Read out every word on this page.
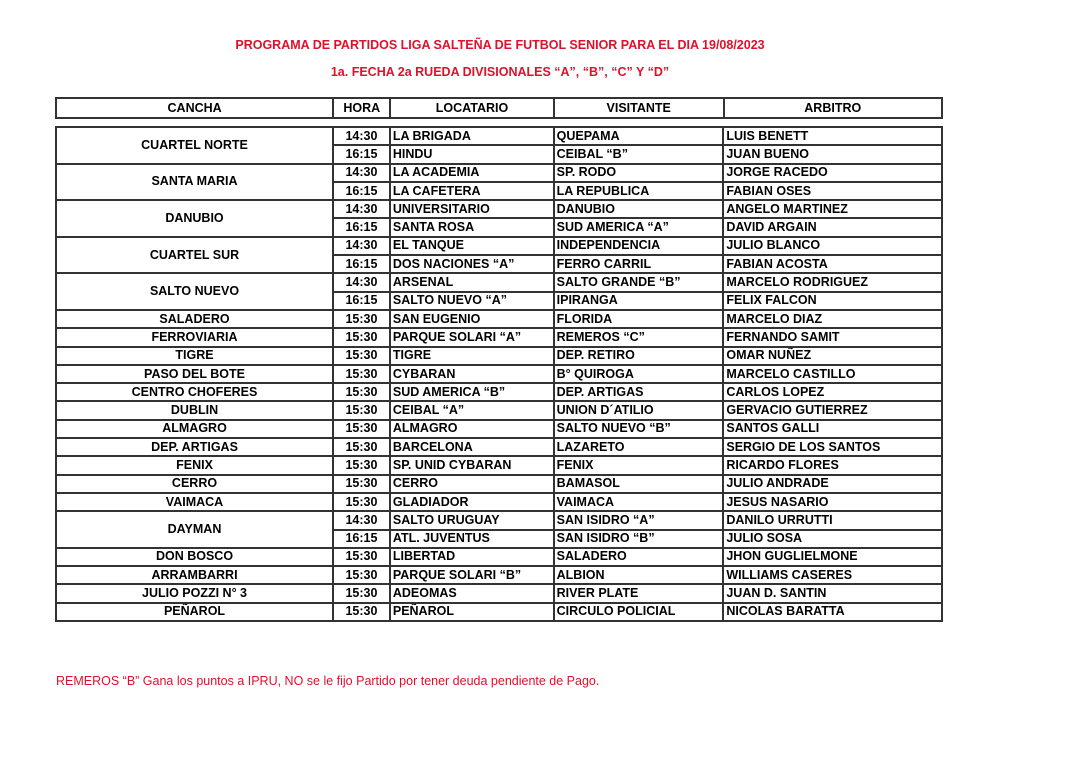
PROGRAMA DE PARTIDOS LIGA SALTEÑA DE FUTBOL SENIOR PARA EL DIA 19/08/2023
1a. FECHA 2a RUEDA DIVISIONALES “A”, “B”, “C” Y “D”
CANCHA	HORA	LOCATARIO	VISITANTE	ARBITRO
CUARTEL NORTE	14:30	LA BRIGADA	QUEPAMA	LUIS BENETT
	16:15	HINDU	CEIBAL “B”	JUAN BUENO
SANTA MARIA	14:30	LA ACADEMIA	SP. RODO	JORGE RACEDO
	16:15	LA CAFETERA	LA REPUBLICA	FABIAN OSES
DANUBIO	14:30	UNIVERSITARIO	DANUBIO	ANGELO MARTINEZ
	16:15	SANTA ROSA	SUD AMERICA “A”	DAVID ARGAIN
CUARTEL SUR	14:30	EL TANQUE	INDEPENDENCIA	JULIO BLANCO
	16:15	DOS NACIONES “A”	FERRO CARRIL	FABIAN ACOSTA
SALTO NUEVO	14:30	ARSENAL	SALTO GRANDE “B”	MARCELO RODRIGUEZ
	16:15	SALTO NUEVO “A”	IPIRANGA	FELIX FALCON
SALADERO	15:30	SAN EUGENIO	FLORIDA	MARCELO DIAZ
FERROVIARIA	15:30	PARQUE SOLARI “A”	REMEROS “C”	FERNANDO SAMIT
TIGRE	15:30	TIGRE	DEP. RETIRO	OMAR NUÑEZ
PASO DEL BOTE	15:30	CYBARAN	B° QUIROGA	MARCELO CASTILLO
CENTRO CHOFERES	15:30	SUD AMERICA “B”	DEP. ARTIGAS	CARLOS LOPEZ
DUBLIN	15:30	CEIBAL “A”	UNION D´ATILIO	GERVACIO GUTIERREZ
ALMAGRO	15:30	ALMAGRO	SALTO NUEVO “B”	SANTOS GALLI
DEP. ARTIGAS	15:30	BARCELONA	LAZARETO	SERGIO DE LOS SANTOS
FENIX	15:30	SP. UNID CYBARAN	FENIX	RICARDO FLORES
CERRO	15:30	CERRO	BAMASOL	JULIO ANDRADE
VAIMACA	15:30	GLADIADOR	VAIMACA	JESUS NASARIO
DAYMAN	14:30	SALTO URUGUAY	SAN ISIDRO “A”	DANILO URRUTTI
	16:15	ATL. JUVENTUS	SAN ISIDRO “B”	JULIO SOSA
DON BOSCO	15:30	LIBERTAD	SALADERO	JHON GUGLIELMONE
ARRAMBARRI	15:30	PARQUE SOLARI “B”	ALBION	WILLIAMS CASERES
JULIO POZZI N° 3	15:30	ADEOMAS	RIVER PLATE	JUAN D. SANTIN
PEÑAROL	15:30	PEÑAROL	CIRCULO POLICIAL	NICOLAS BARATTA
REMEROS “B” Gana los puntos a IPRU, NO se le fijo Partido por tener deuda pendiente de Pago.
